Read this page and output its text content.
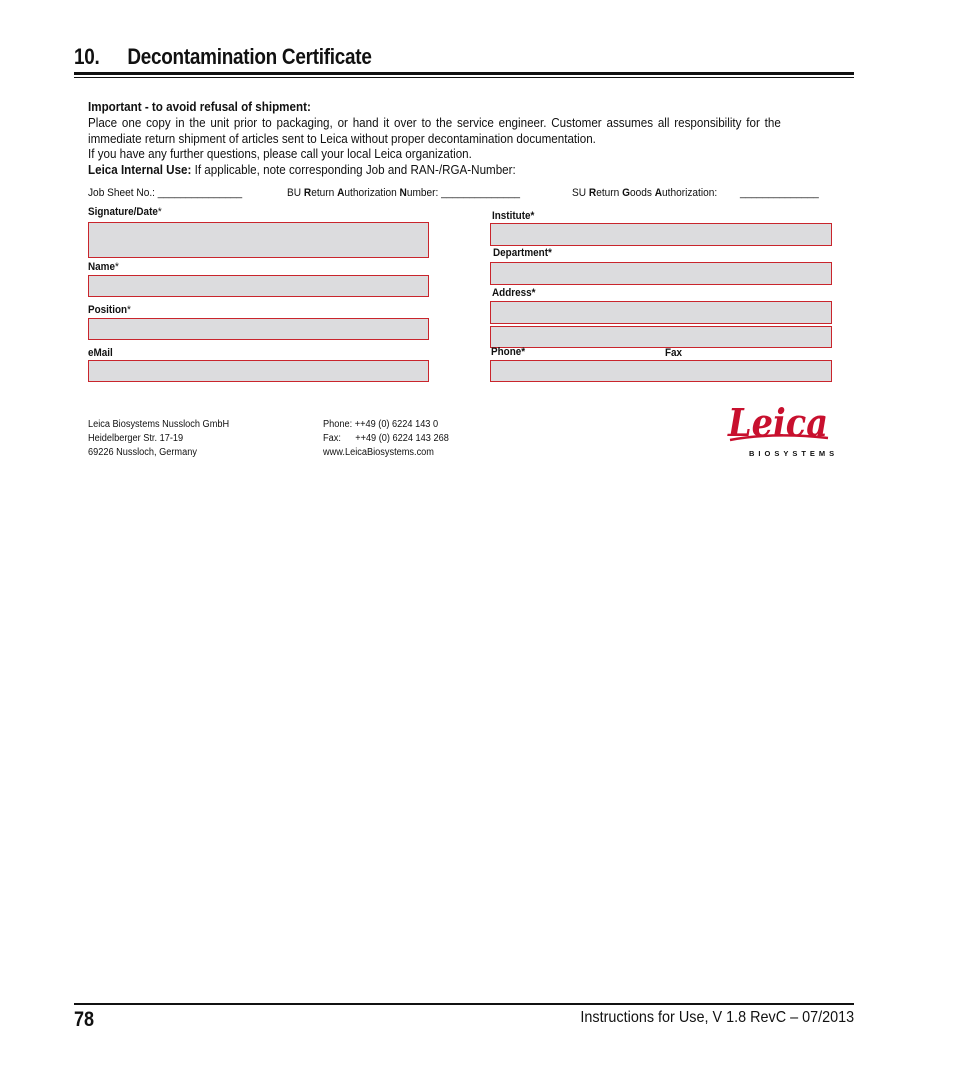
10. Decontamination Certificate

Important - to avoid refusal of shipment:

Place one copy in the unit prior to packaging, or hand it over to the service engineer. Customer assumes all responsibility for the immediate return shipment of articles sent to Leica without proper decontamination documentation.

If you have any further questions, please call your local Leica organization.

Leica Internal Use: If applicable, note corresponding Job and RAN-/RGA-Number:

Job Sheet No.: _______________	BU Return Authorization Number: ______________	SU Return Goods Authorization: ______________
Signature/Date*
Name*
Position*
eMail
Institute*
Department*
Address*
Phone*	Fax
Leica Biosystems Nussloch GmbH
Heidelberger Str. 17-19
69226 Nussloch, Germany
Phone: ++49 (0) 6224 143 0
Fax: ++49 (0) 6224 143 268
www.LeicaBiosystems.com
Leica
BIOSYSTEMS
78	Instructions for Use, V 1.8 RevC – 07/2013
